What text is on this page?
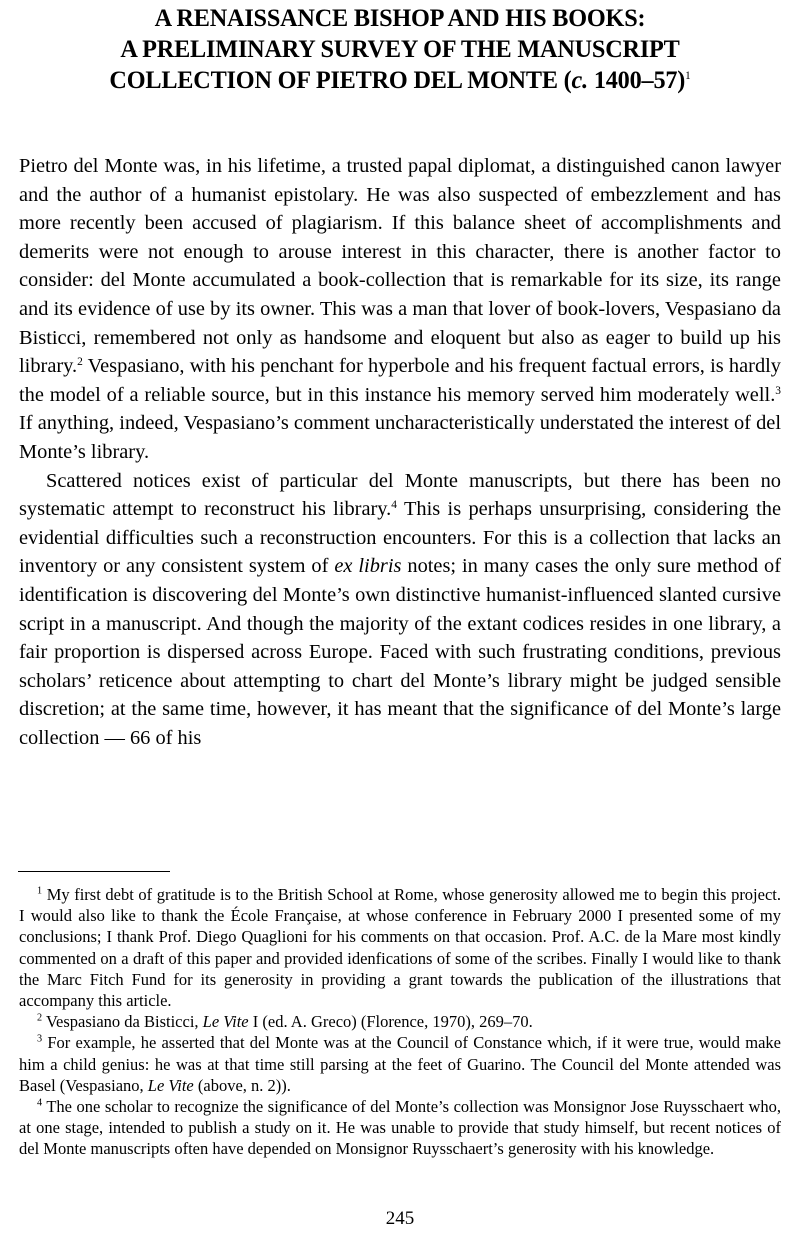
A RENAISSANCE BISHOP AND HIS BOOKS:
A PRELIMINARY SURVEY OF THE MANUSCRIPT
COLLECTION OF PIETRO DEL MONTE (c. 1400–57)$^1$

Pietro del Monte was, in his lifetime, a trusted papal diplomat, a distinguished canon lawyer and the author of a humanist epistolary. He was also suspected of embezzlement and has more recently been accused of plagiarism. If this balance sheet of accomplishments and demerits were not enough to arouse interest in this character, there is another factor to consider: del Monte accumulated a book-collection that is remarkable for its size, its range and its evidence of use by its owner. This was a man that lover of book-lovers, Vespasiano da Bisticci, remembered not only as handsome and eloquent but also as eager to build up his library.$^2$ Vespasiano, with his penchant for hyperbole and his frequent factual errors, is hardly the model of a reliable source, but in this instance his memory served him moderately well.$^3$ If anything, indeed, Vespasiano’s comment uncharacteristically understated the interest of del Monte’s library.

Scattered notices exist of particular del Monte manuscripts, but there has been no systematic attempt to reconstruct his library.$^4$ This is perhaps unsurprising, considering the evidential difficulties such a reconstruction encounters. For this is a collection that lacks an inventory or any consistent system of ex libris notes; in many cases the only sure method of identification is discovering del Monte’s own distinctive humanist-influenced slanted cursive script in a manuscript. And though the majority of the extant codices resides in one library, a fair proportion is dispersed across Europe. Faced with such frustrating conditions, previous scholars’ reticence about attempting to chart del Monte’s library might be judged sensible discretion; at the same time, however, it has meant that the significance of del Monte’s large collection — 66 of his

$^1$ My first debt of gratitude is to the British School at Rome, whose generosity allowed me to begin this project. I would also like to thank the École Française, at whose conference in February 2000 I presented some of my conclusions; I thank Prof. Diego Quaglioni for his comments on that occasion. Prof. A.C. de la Mare most kindly commented on a draft of this paper and provided idenfications of some of the scribes. Finally I would like to thank the Marc Fitch Fund for its generosity in providing a grant towards the publication of the illustrations that accompany this article.

$^2$ Vespasiano da Bisticci, Le Vite I (ed. A. Greco) (Florence, 1970), 269–70.

$^3$ For example, he asserted that del Monte was at the Council of Constance which, if it were true, would make him a child genius: he was at that time still parsing at the feet of Guarino. The Council del Monte attended was Basel (Vespasiano, Le Vite (above, n. 2)).

$^4$ The one scholar to recognize the significance of del Monte’s collection was Monsignor Jose Ruysschaert who, at one stage, intended to publish a study on it. He was unable to provide that study himself, but recent notices of del Monte manuscripts often have depended on Monsignor Ruysschaert’s generosity with his knowledge.

245
